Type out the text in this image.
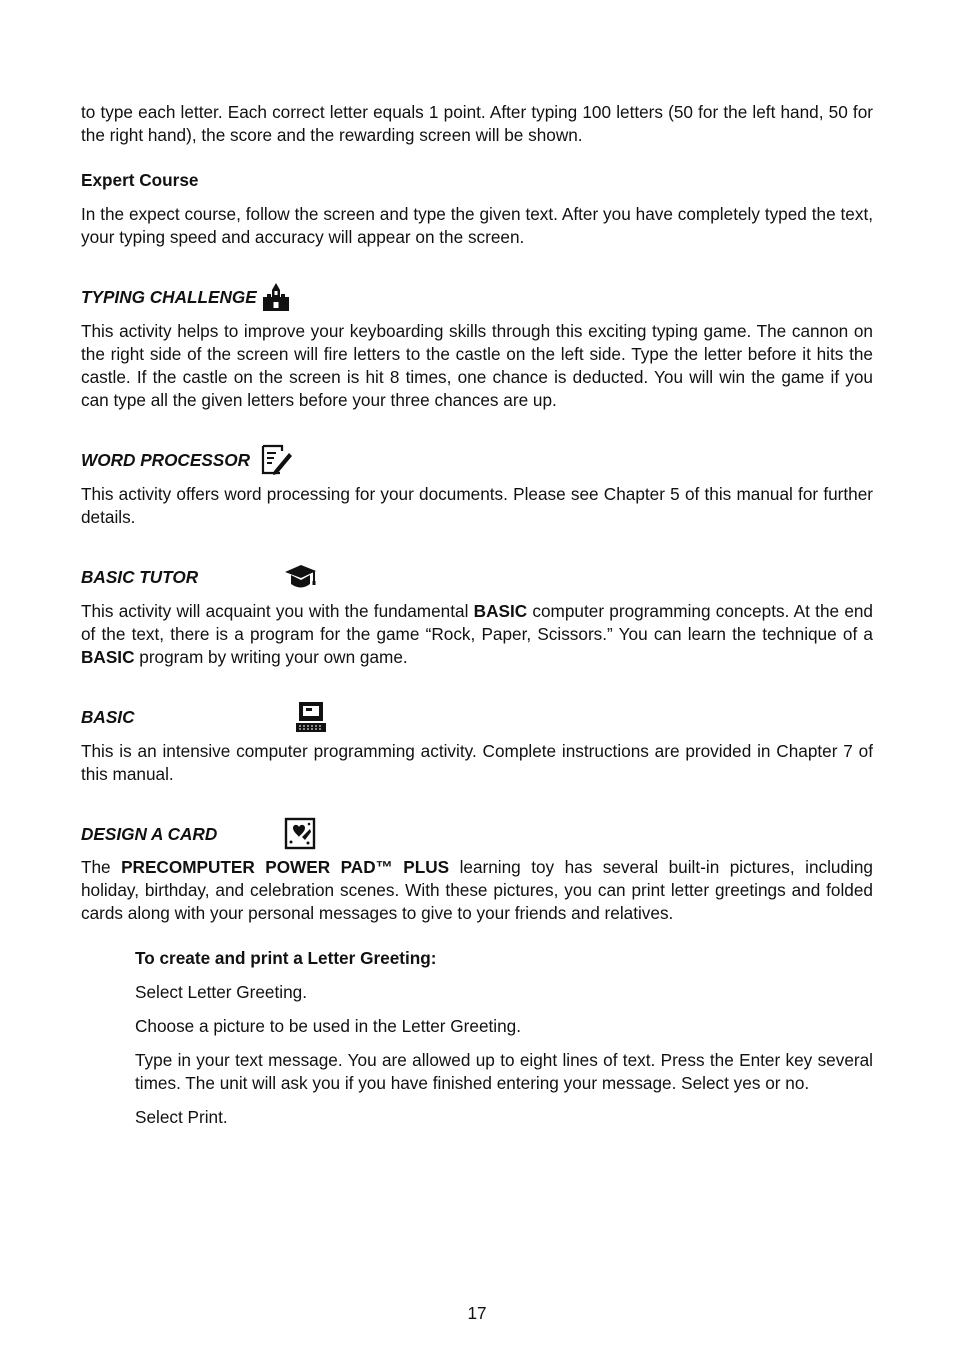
to type each letter. Each correct letter equals 1 point. After typing 100 letters (50 for the left hand, 50 for the right hand), the score and the rewarding screen will be shown.

Expert Course

In the expect course, follow the screen and type the given text. After you have completely typed the text, your typing speed and accuracy will appear on the screen.

TYPING CHALLENGE

This activity helps to improve your keyboarding skills through this exciting typing game. The cannon on the right side of the screen will fire letters to the castle on the left side. Type the letter before it hits the castle. If the castle on the screen is hit 8 times, one chance is deducted. You will win the game if you can type all the given letters before your three chances are up.

WORD PROCESSOR

This activity offers word processing for your documents. Please see Chapter 5 of this manual for further details.

BASIC TUTOR

This activity will acquaint you with the fundamental BASIC computer programming concepts. At the end of the text, there is a program for the game “Rock, Paper, Scissors.” You can learn the technique of a BASIC program by writing your own game.

BASIC

This is an intensive computer programming activity. Complete instructions are provided in Chapter 7 of this manual.

DESIGN A CARD

The PRECOMPUTER POWER PAD™ PLUS learning toy has several built-in pictures, including holiday, birthday, and celebration scenes. With these pictures, you can print letter greetings and folded cards along with your personal messages to give to your friends and relatives.

To create and print a Letter Greeting:

Select Letter Greeting.

Choose a picture to be used in the Letter Greeting.

Type in your text message. You are allowed up to eight lines of text. Press the Enter key several times. The unit will ask you if you have finished entering your message. Select yes or no.

Select Print.

17
